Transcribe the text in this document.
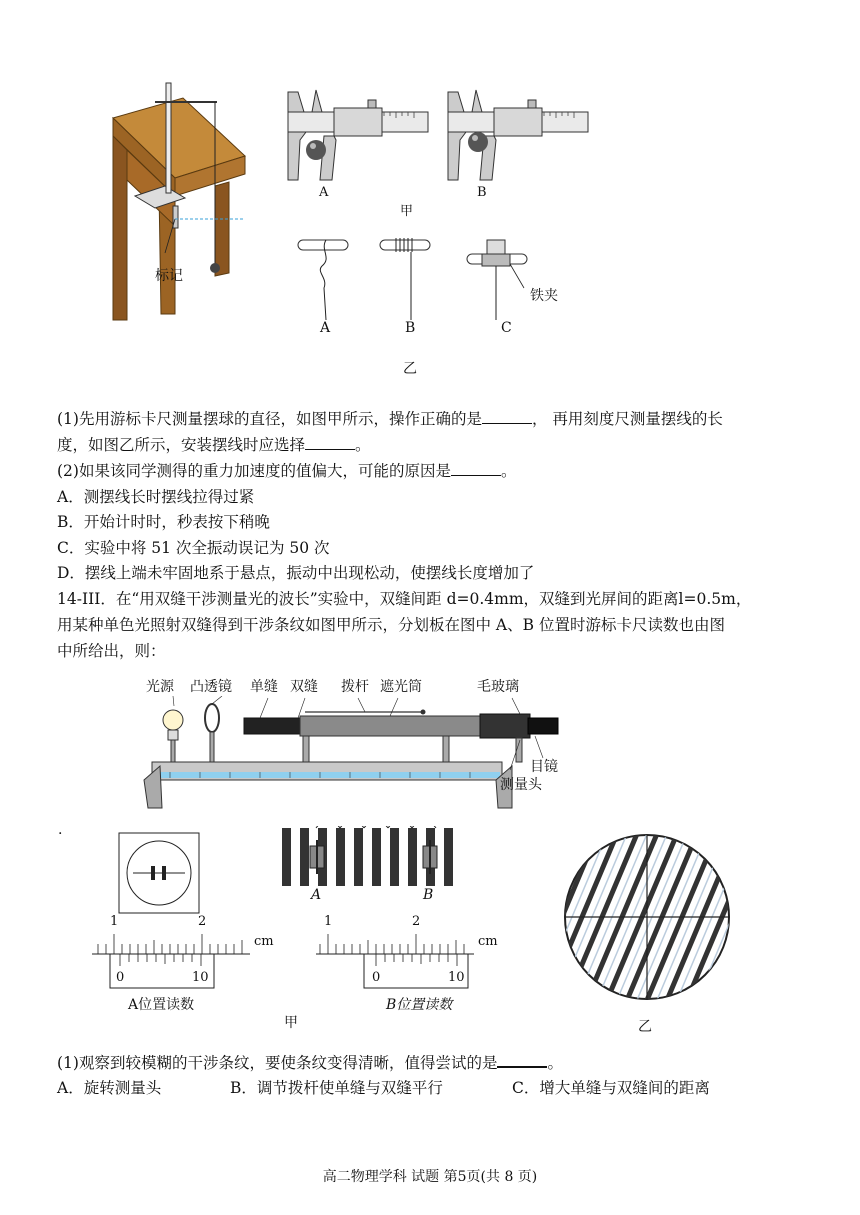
标记
A	B
甲
A	B	C
铁夹
乙
(1)先用游标卡尺测量摆球的直径，如图甲所示，操作正确的是	， 再用刻度尺测量摆线的长
度，如图乙所示，安装摆线时应选择	。
(2)如果该同学测得的重力加速度的值偏大，可能的原因是	。
A．测摆线长时摆线拉得过紧
B．开始计时时，秒表按下稍晚
C．实验中将 51 次全振动误记为 50 次
D．摆线上端未牢固地系于悬点，振动中出现松动，使摆线长度增加了
14-III．在“用双缝干涉测量光的波长”实验中，双缝间距 d=0.4mm，双缝到光屏间的距离l=0.5m，
用某种单色光照射双缝得到干涉条纹如图甲所示，分划板在图中 A、B 位置时游标卡尺读数也由图
中所给出，则：
光源 凸透镜 单缝 双缝 拨杆 遮光筒	毛玻璃
目镜
测量头
.
A	B
1	2
cm
0	10
A位置读数
1	2
cm
0	10
B位置读数
甲	乙
(1)观察到较模糊的干涉条纹，要使条纹变得清晰，值得尝试的是	。
A．旋转测量头	B．调节拨杆使单缝与双缝平行	C．增大单缝与双缝间的距离
高二物理学科 试题 第5页(共 8 页)
